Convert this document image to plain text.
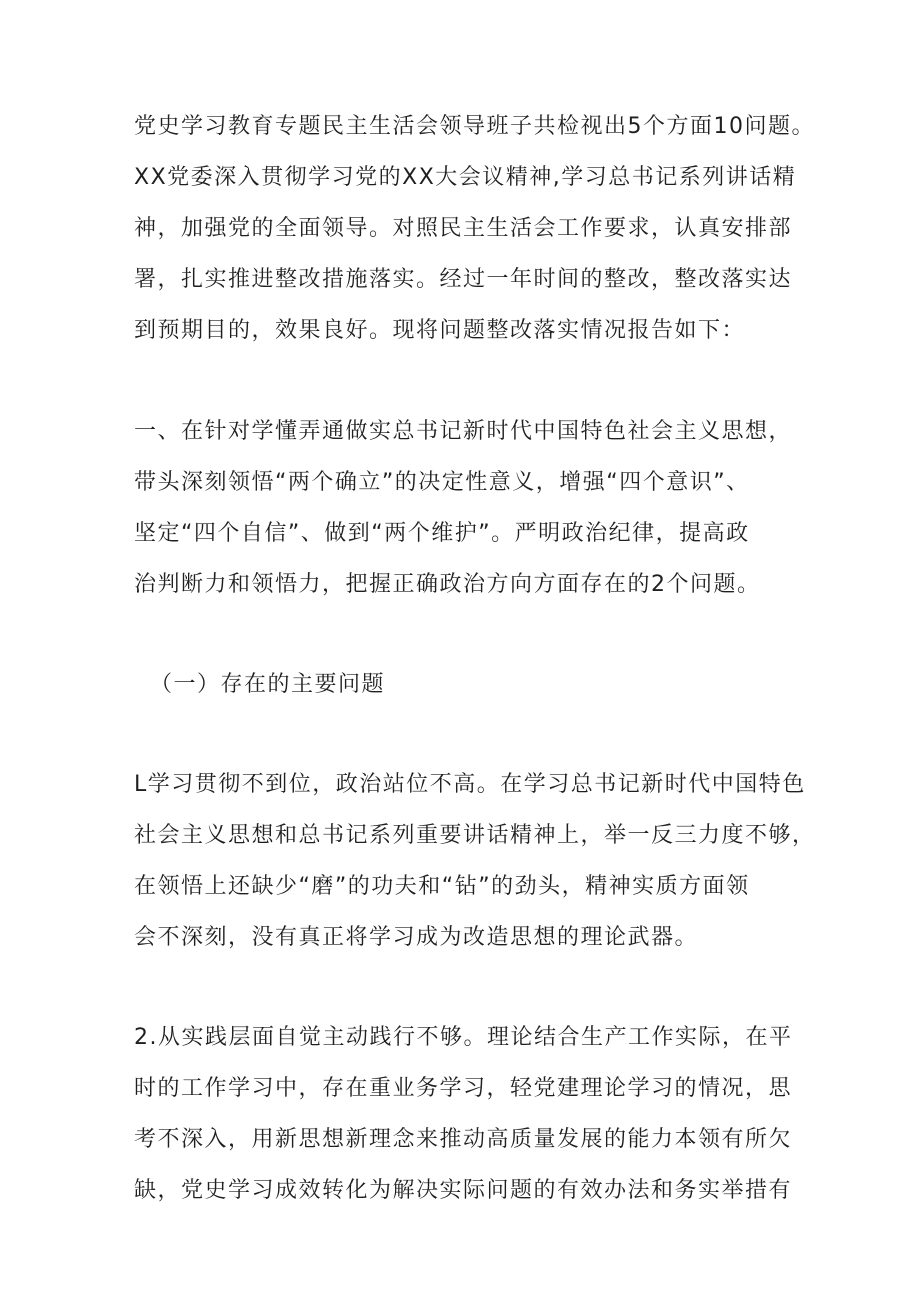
党史学习教育专题民主生活会领导班子共检视出5个方面10问题。
XX党委深入贯彻学习党的XX大会议精神,学习总书记系列讲话精
神，加强党的全面领导。对照民主生活会工作要求，认真安排部
署，扎实推进整改措施落实。经过一年时间的整改，整改落实达
到预期目的，效果良好。现将问题整改落实情况报告如下：
一、在针对学懂弄通做实总书记新时代中国特色社会主义思想，
带头深刻领悟“两个确立”的决定性意义，增强“四个意识”、
坚定“四个自信”、做到“两个维护”。严明政治纪律，提高政
治判断力和领悟力，把握正确政治方向方面存在的2个问题。
（一）存在的主要问题
L学习贯彻不到位，政治站位不高。在学习总书记新时代中国特色
社会主义思想和总书记系列重要讲话精神上，举一反三力度不够，
在领悟上还缺少“磨”的功夫和“钻”的劲头，精神实质方面领
会不深刻，没有真正将学习成为改造思想的理论武器。
2.从实践层面自觉主动践行不够。理论结合生产工作实际，在平
时的工作学习中，存在重业务学习，轻党建理论学习的情况，思
考不深入，用新思想新理念来推动高质量发展的能力本领有所欠
缺，党史学习成效转化为解决实际问题的有效办法和务实举措有
